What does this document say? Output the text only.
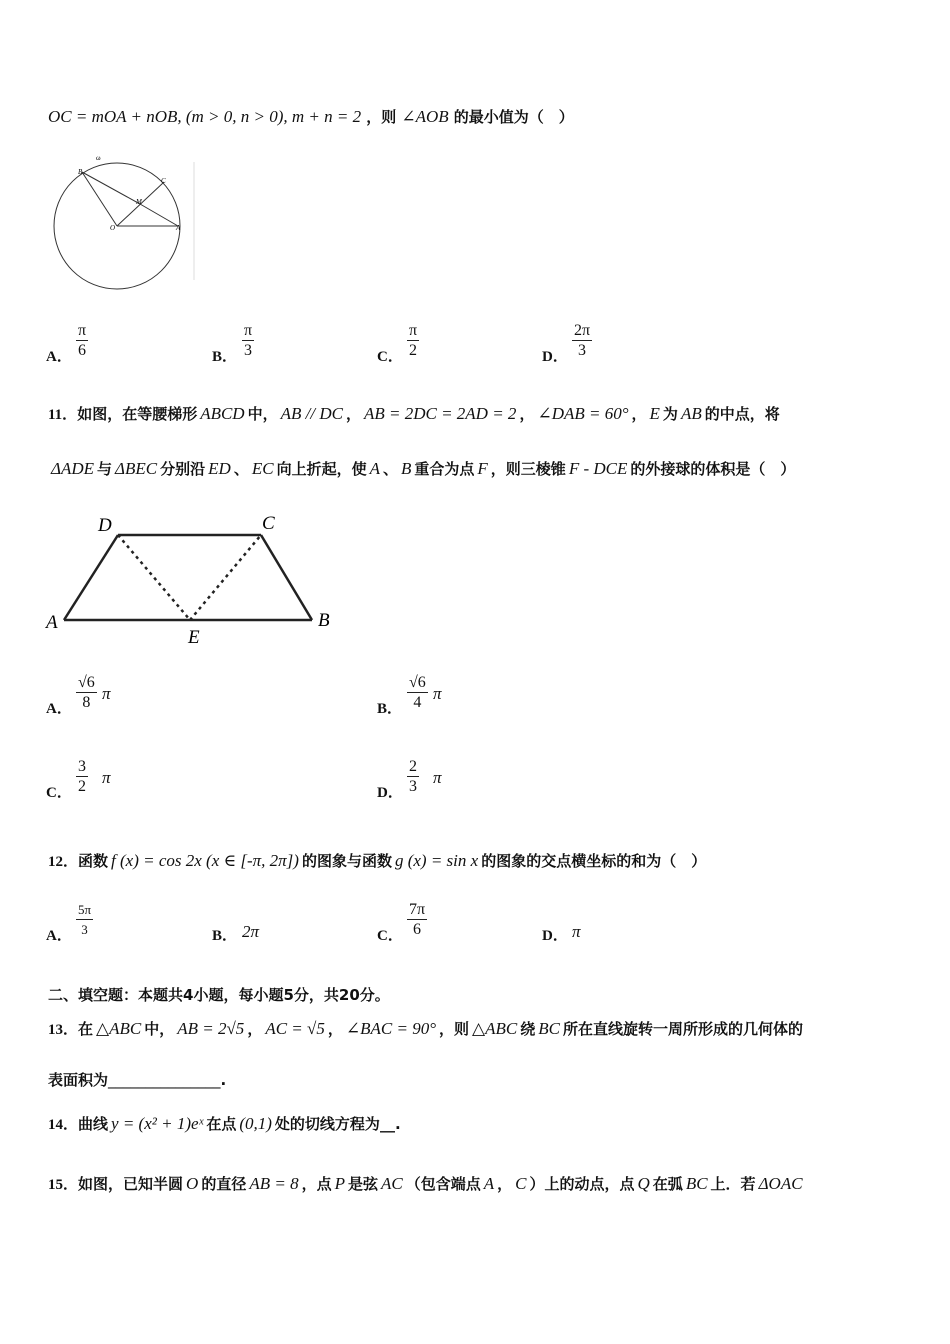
OC = mOA + nOB, (m > 0, n > 0), m + n = 2 ，则 ∠AOB 的最小值为（　）
ω
B
C
M
O	A
11．如图，在等腰梯形 ABCD 中， AB // DC ， AB = 2DC = 2AD = 2 ， ∠DAB = 60° ， E 为 AB 的中点，将
ΔADE 与 ΔBEC 分别沿 ED 、 EC 向上折起，使 A 、 B 重合为点 F ，则三棱锥 F - DCE 的外接球的体积是（　）
D	C
A	B
E
12．函数 f (x) = cos 2x (x ∈ [-π, 2π]) 的图象与函数 g (x) = sin x 的图象的交点横坐标的和为（　）
二、填空题：本题共4小题，每小题5分，共20分。
13．在 △ABC 中， AB = 2√5 ， AC = √5 ， ∠BAC = 90° ，则 △ABC 绕 BC 所在直线旋转一周所形成的几何体的
表面积为_______________.
14．曲线 y = (x² + 1)eˣ 在点 (0,1) 处的切线方程为__.
15．如图，已知半圆 O 的直径 AB = 8 ，点 P 是弦 AC （包含端点 A ， C ）上的动点，点 Q 在弧 BC 上．若 ΔOAC
A． $\frac{\pi}{6}$	B． $\frac{\pi}{3}$	C． $\frac{\pi}{2}$	D． $\frac{2\pi}{3}$
A． $\frac{√6}{8}$ π
B． $\frac{√6}{4}$ π
C． $\frac{3}{2}$ π
D． $\frac{2}{3}$ π
A． $\frac{5\pi}{3}$	B． 2π	C． $\frac{7\pi}{6}$	D． π
